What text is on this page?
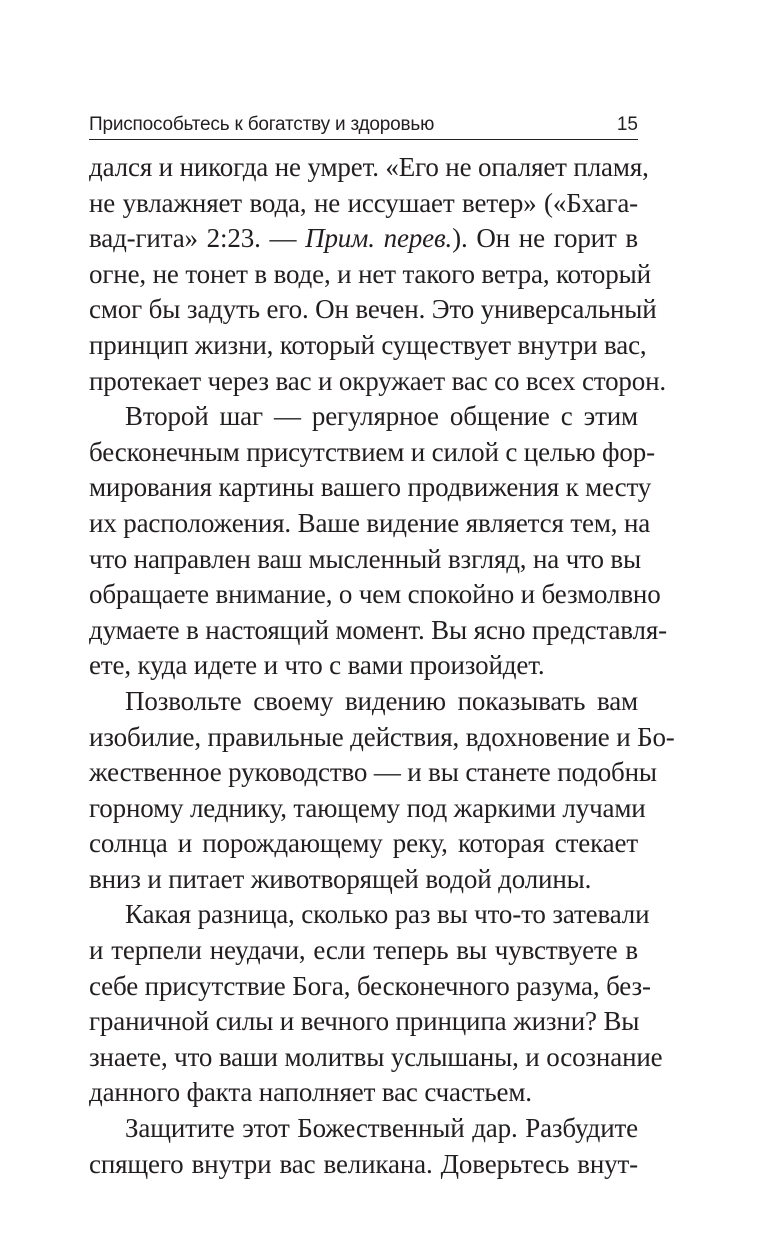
Приспособьтесь к богатству и здоровью	15
дался и никогда не умрет. «Его не опаляет пламя,
не увлажняет вода, не иссушает ветер» («Бхага-
вад-гита» 2:23. — Прим. перев.). Он не горит в
огне, не тонет в воде, и нет такого ветра, который
смог бы задуть его. Он вечен. Это универсальный
принцип жизни, который существует внутри вас,
протекает через вас и окружает вас со всех сторон.
Второй шаг — регулярное общение с этим
бесконечным присутствием и силой с целью фор-
мирования картины вашего продвижения к месту
их расположения. Ваше видение является тем, на
что направлен ваш мысленный взгляд, на что вы
обращаете внимание, о чем спокойно и безмолвно
думаете в настоящий момент. Вы ясно представля-
ете, куда идете и что с вами произойдет.
Позвольте своему видению показывать вам
изобилие, правильные действия, вдохновение и Бо-
жественное руководство — и вы станете подобны
горному леднику, тающему под жаркими лучами
солнца и порождающему реку, которая стекает
вниз и питает животворящей водой долины.
Какая разница, сколько раз вы что-то затевали
и терпели неудачи, если теперь вы чувствуете в
себе присутствие Бога, бесконечного разума, без-
граничной силы и вечного принципа жизни? Вы
знаете, что ваши молитвы услышаны, и осознание
данного факта наполняет вас счастьем.
Защитите этот Божественный дар. Разбудите
спящего внутри вас великана. Доверьтесь внут-
